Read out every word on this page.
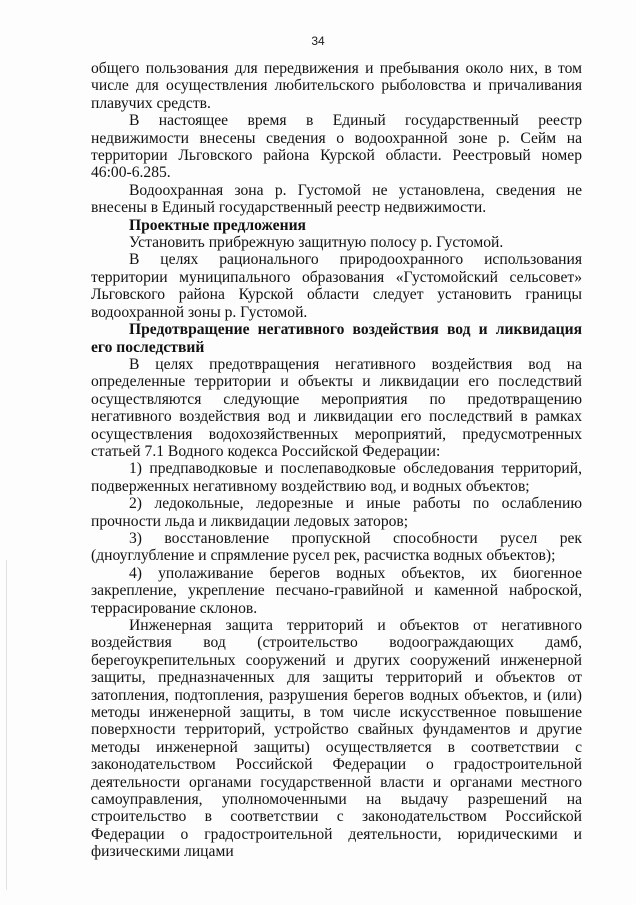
34

общего пользования для передвижения и пребывания около них, в том числе для осуществления любительского рыболовства и причаливания плавучих средств.

В настоящее время в Единый государственный реестр недвижимости внесены сведения о водоохранной зоне р. Сейм на территории Льговского района Курской области. Реестровый номер 46:00-6.285.

Водоохранная зона р. Густомой не установлена, сведения не внесены в Единый государственный реестр недвижимости.

Проектные предложения

Установить прибрежную защитную полосу р. Густомой.

В целях рационального природоохранного использования территории муниципального образования «Густомойский сельсовет» Льговского района Курской области следует установить границы водоохранной зоны р. Густомой.

Предотвращение негативного воздействия вод и ликвидация его последствий

В целях предотвращения негативного воздействия вод на определенные территории и объекты и ликвидации его последствий осуществляются следующие мероприятия по предотвращению негативного воздействия вод и ликвидации его последствий в рамках осуществления водохозяйственных мероприятий, предусмотренных статьей 7.1 Водного кодекса Российской Федерации:

1) предпаводковые и послепаводковые обследования территорий, подверженных негативному воздействию вод, и водных объектов;

2) ледокольные, ледорезные и иные работы по ослаблению прочности льда и ликвидации ледовых заторов;

3) восстановление пропускной способности русел рек (дноуглубление и спрямление русел рек, расчистка водных объектов);

4) уполаживание берегов водных объектов, их биогенное закрепление, укрепление песчано-гравийной и каменной наброской, террасирование склонов.

Инженерная защита территорий и объектов от негативного воздействия вод (строительство водоограждающих дамб, берегоукрепительных сооружений и других сооружений инженерной защиты, предназначенных для защиты территорий и объектов от затопления, подтопления, разрушения берегов водных объектов, и (или) методы инженерной защиты, в том числе искусственное повышение поверхности территорий, устройство свайных фундаментов и другие методы инженерной защиты) осуществляется в соответствии с законодательством Российской Федерации о градостроительной деятельности органами государственной власти и органами местного самоуправления, уполномоченными на выдачу разрешений на строительство в соответствии с законодательством Российской Федерации о градостроительной деятельности, юридическими и физическими лицами
